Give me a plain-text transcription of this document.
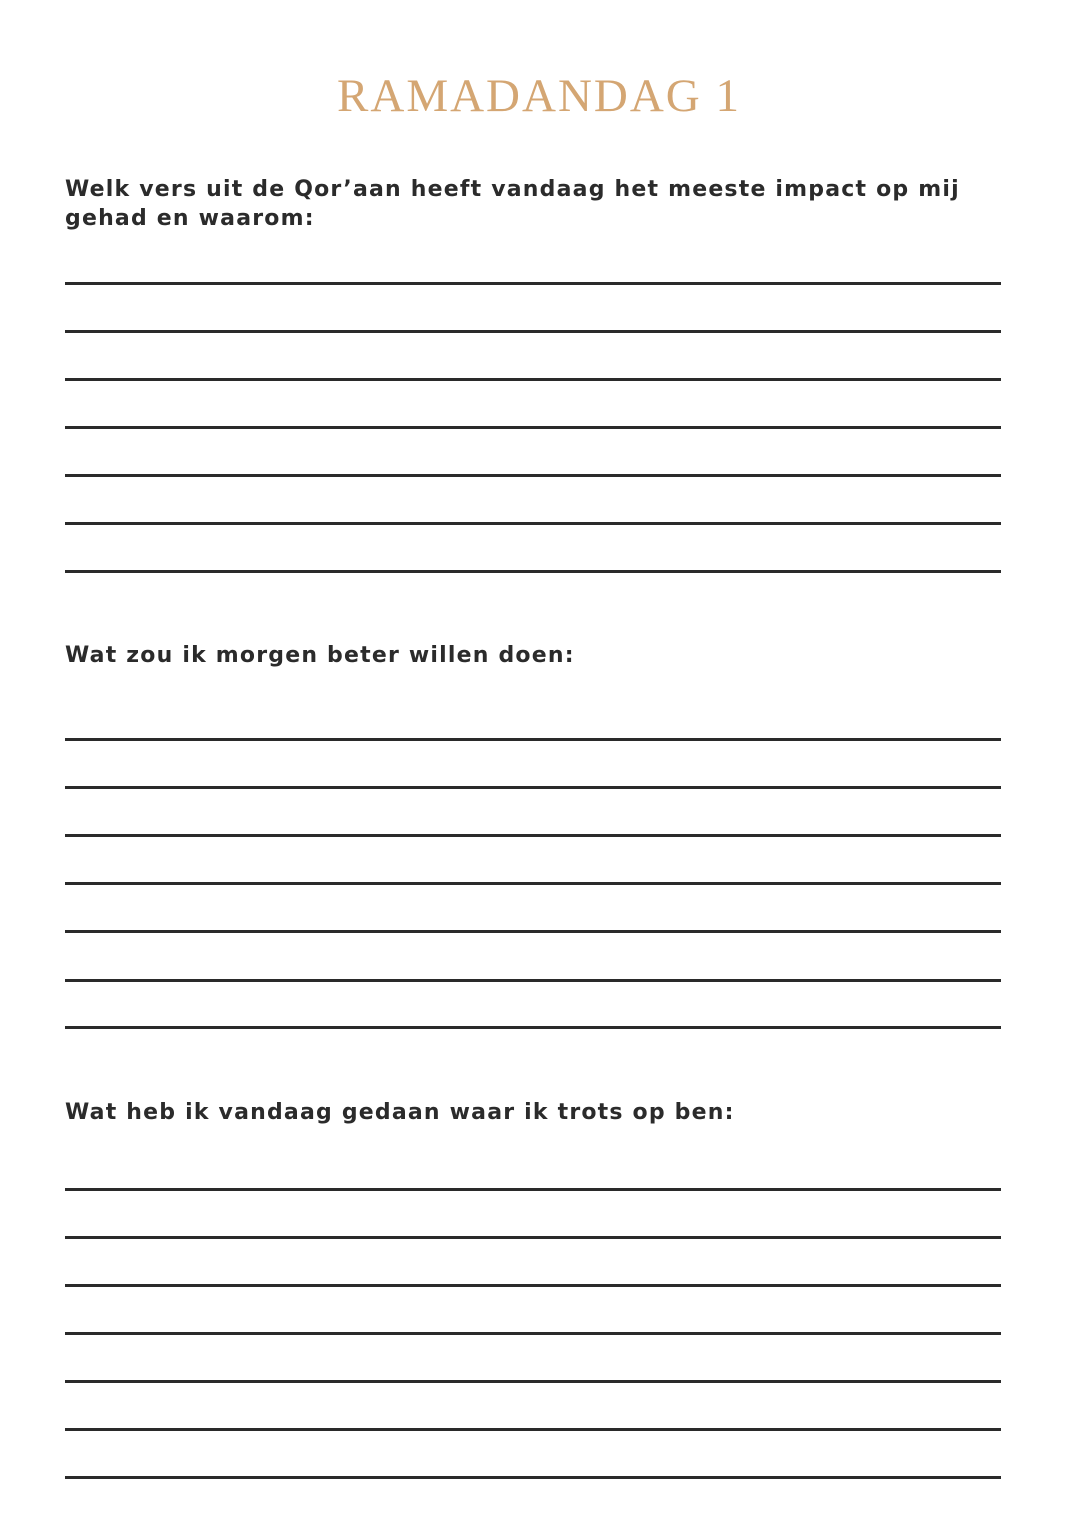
RAMADANDAG 1

Welk vers uit de Qor’aan heeft vandaag het meeste impact op mij gehad en waarom:

Wat zou ik morgen beter willen doen:

Wat heb ik vandaag gedaan waar ik trots op ben:
